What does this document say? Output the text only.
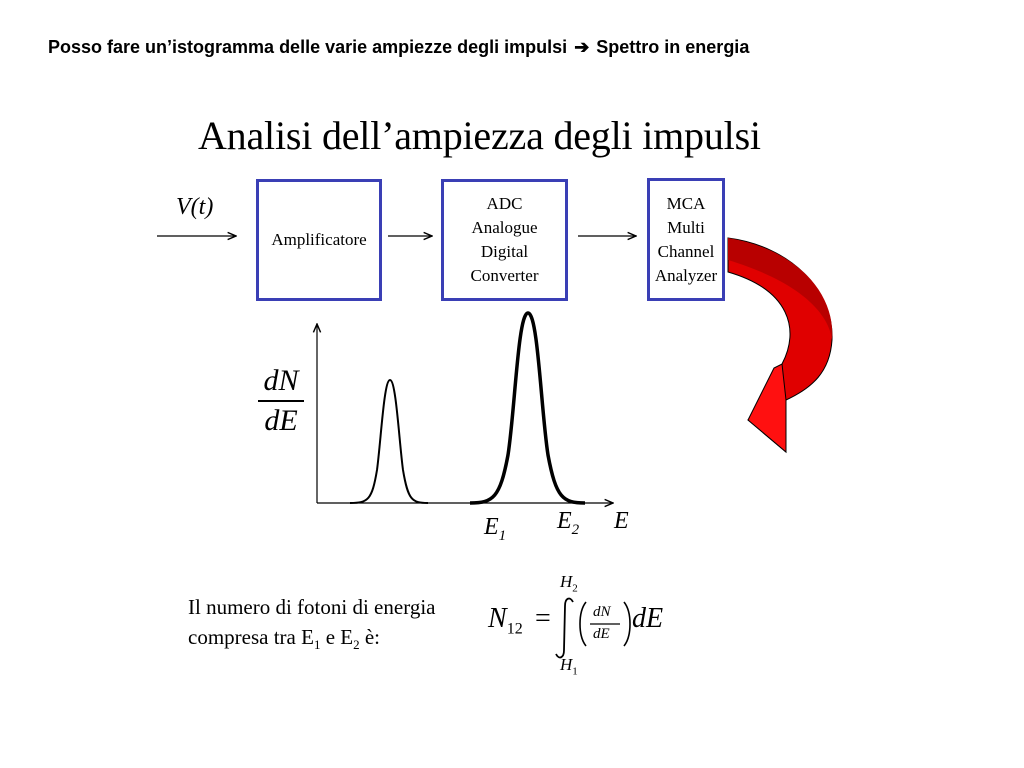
Posso fare un’istogramma delle varie ampiezze degli impulsi ➔ Spettro in energia
Analisi dell’ampiezza degli impulsi
V(t)
Amplificatore
ADC
Analogue
Digital
Converter
MCA
Multi
Channel
Analyzer
dN
dE
$E_1$
$E_2$ E
Il numero di fotoni di energia
compresa tra $E_1$ e $E_2$ è:
$N_{12}$ =
$H_2$
$H_1$
dN
dE dE
